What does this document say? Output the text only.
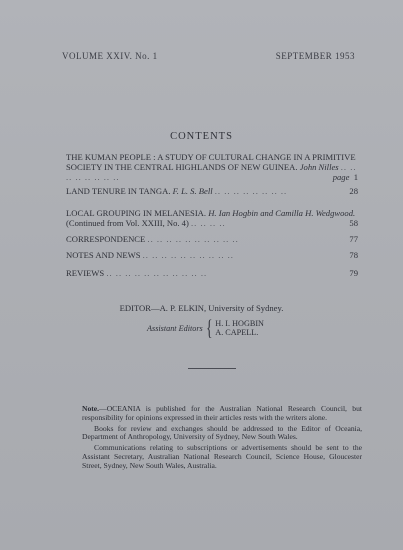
VOLUME XXIV. No. 1	SEPTEMBER 1953
CONTENTS
THE KUMAN PEOPLE : A STUDY OF CULTURAL CHANGE IN A PRIMITIVE SOCIETY IN THE CENTRAL HIGHLANDS OF NEW GUINEA. John Nilles .. .. .. .. .. .. .. ..	page 1
LAND TENURE IN TANGA. F. L. S. Bell .. .. .. .. .. .. .. ..	28
LOCAL GROUPING IN MELANESIA. H. Ian Hogbin and Camilla H. Wedgwood. (Continued from Vol. XXIII, No. 4) .. .. .. ..	58
CORRESPONDENCE .. .. .. .. .. .. .. .. .. ..	77
NOTES AND NEWS .. .. .. .. .. .. .. .. .. ..	78
REVIEWS .. .. .. .. .. .. .. .. .. .. ..	79
EDITOR—A. P. ELKIN, University of Sydney.
Assistant Editors { H. I. HOGBIN
A. CAPELL.

Note.—OCEANIA is published for the Australian National Research Council, but responsibility for opinions expressed in their articles rests with the writers alone.

Books for review and exchanges should be addressed to the Editor of Oceania, Department of Anthropology, University of Sydney, New South Wales.

Communications relating to subscriptions or advertisements should be sent to the Assistant Secretary, Australian National Research Council, Science House, Gloucester Street, Sydney, New South Wales, Australia.
